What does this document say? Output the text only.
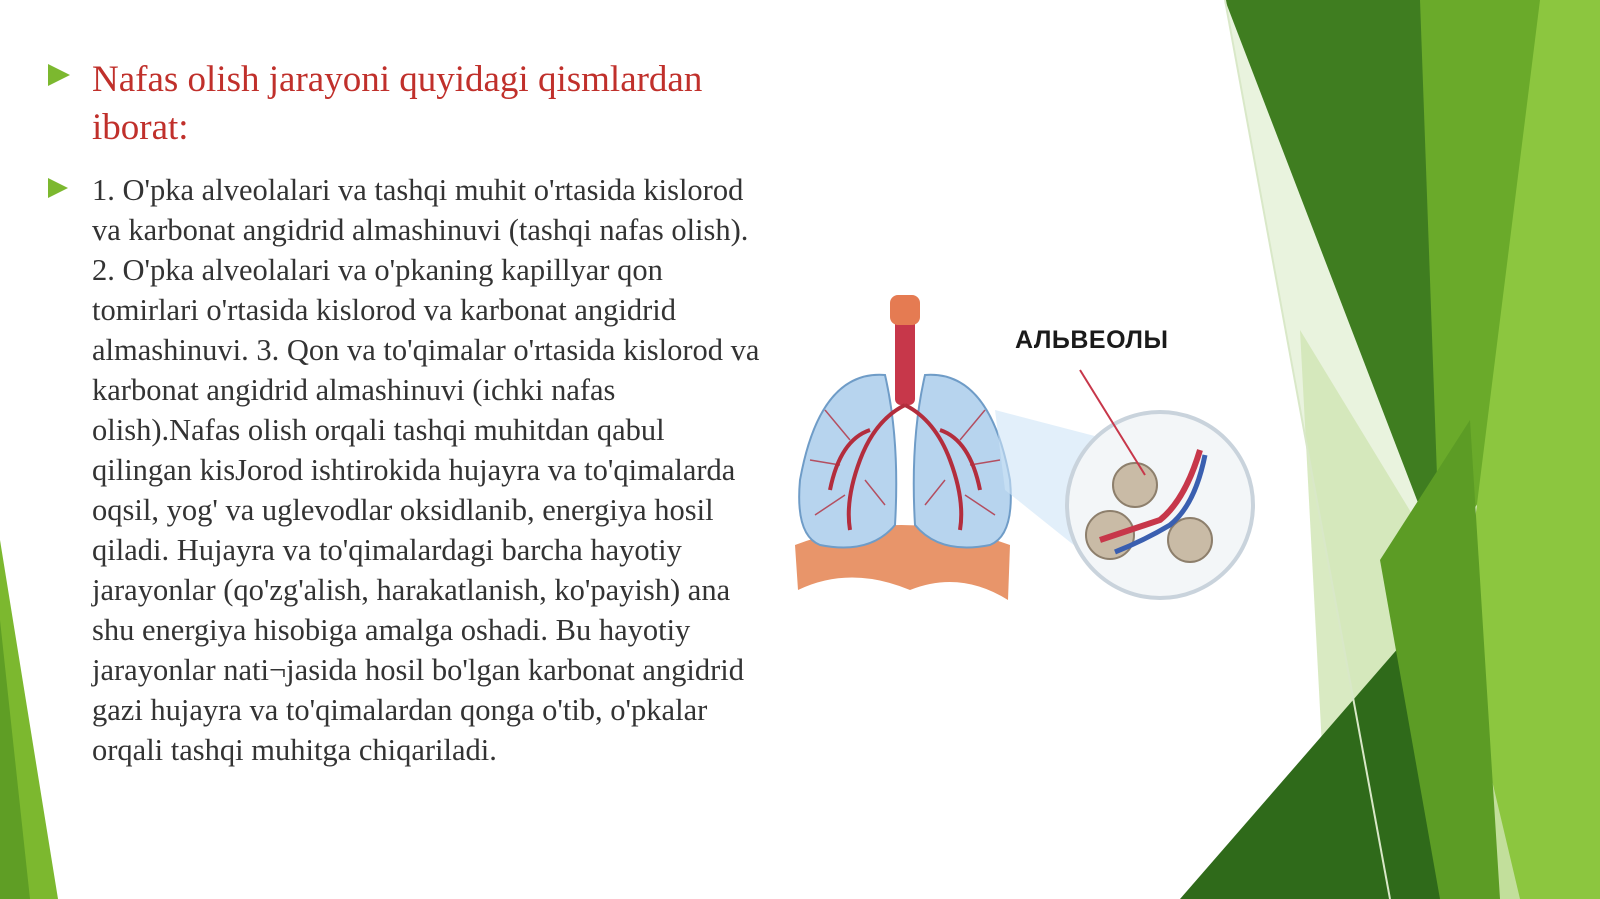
Nafas olish jarayoni quyidagi qismlardan iborat:
1. O'pka alveolalari va tashqi muhit o'rtasida kislorod va karbonat angidrid almashinuvi (tashqi nafas olish). 2. O'pka alveolalari va o'pkaning kapillyar qon tomirlari o'rtasida kislorod va karbonat angidrid almashinuvi. 3. Qon va to'qimalar o'rtasida kislorod va karbonat angidrid almashinuvi (ichki nafas olish).Nafas olish orqali tashqi muhitdan qabul qilingan kisJorod ishtirokida hujayra va to'qimalarda oqsil, yog' va uglevodlar oksidlanib, energiya hosil qiladi. Hujayra va to'qimalardagi barcha hayotiy jarayonlar (qo'zg'alish, harakatlanish, ko'payish) ana shu energiya hisobiga amalga oshadi. Bu hayotiy jarayonlar nati¬jasida hosil bo'lgan karbonat angidrid gazi hujayra va to'qimalardan qonga o'tib, o'pkalar orqali tashqi muhitga chiqariladi.
АЛЬВЕОЛЫ
